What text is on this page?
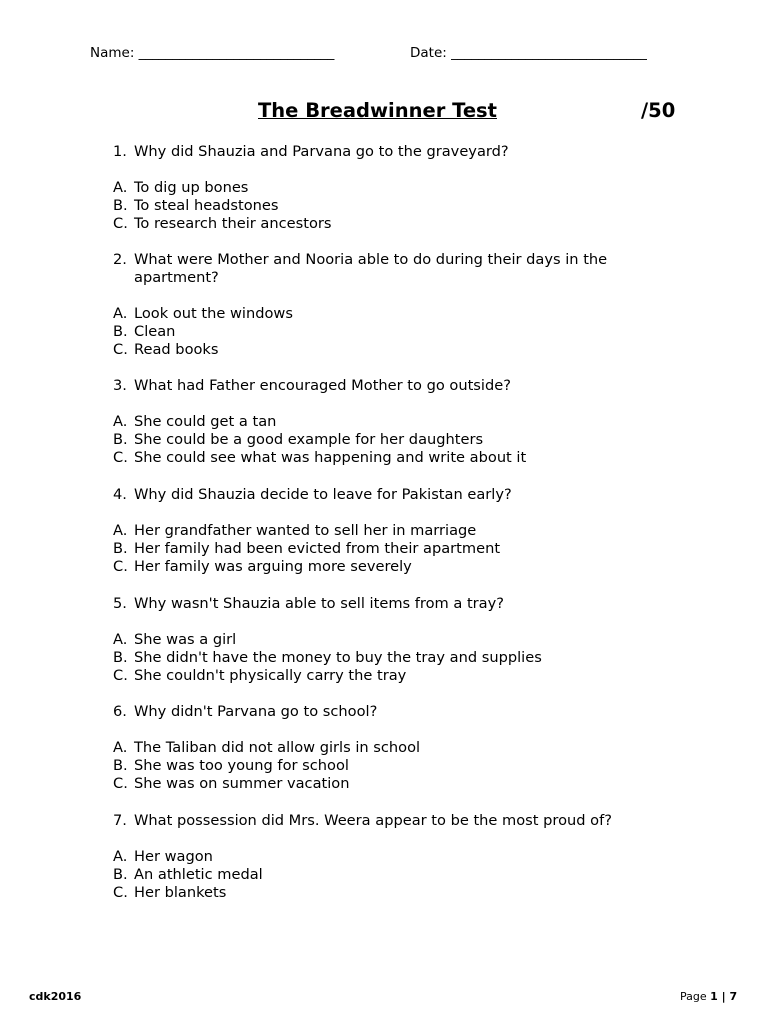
Name: _____________________________	Date: _____________________________
The Breadwinner Test	/50
1. Why did Shauzia and Parvana go to the graveyard?
A. To dig up bones
B. To steal headstones
C. To research their ancestors
2. What were Mother and Nooria able to do during their days in the
apartment?
A. Look out the windows
B. Clean
C. Read books
3. What had Father encouraged Mother to go outside?
A. She could get a tan
B. She could be a good example for her daughters
C. She could see what was happening and write about it
4. Why did Shauzia decide to leave for Pakistan early?
A. Her grandfather wanted to sell her in marriage
B. Her family had been evicted from their apartment
C. Her family was arguing more severely
5. Why wasn't Shauzia able to sell items from a tray?
A. She was a girl
B. She didn't have the money to buy the tray and supplies
C. She couldn't physically carry the tray
6. Why didn't Parvana go to school?
A. The Taliban did not allow girls in school
B. She was too young for school
C. She was on summer vacation
7. What possession did Mrs. Weera appear to be the most proud of?
A. Her wagon
B. An athletic medal
C. Her blankets
cdk2016	Page 1 | 7
